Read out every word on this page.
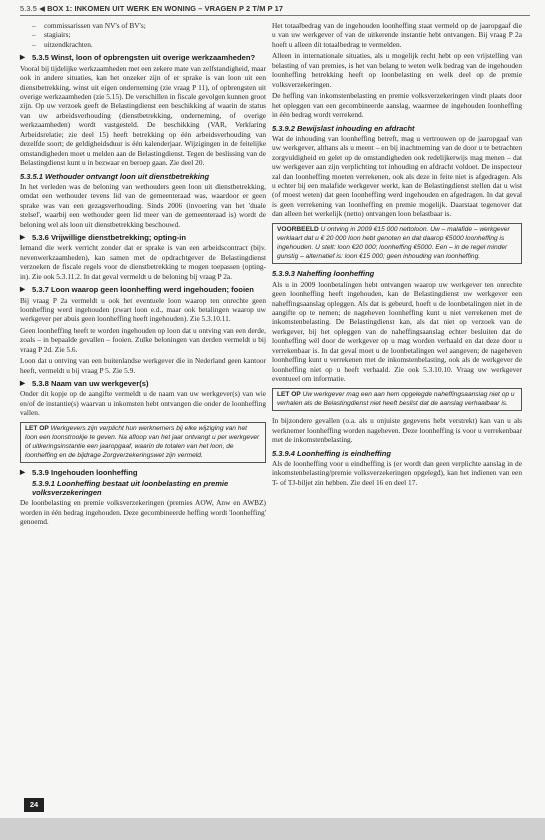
5.3.5 ◀ BOX 1: INKOMEN UIT WERK EN WONING – VRAGEN P 2 T/M P 17
– commissarissen van NV's of BV's;
– stagiairs;
– uitzendkrachten.
▶ 5.3.5 Winst, loon of opbrengsten uit overige werkzaamheden?

Vooral bij tijdelijke werkzaamheden met een zekere mate van zelfstandigheid, maar ook in andere situaties, kan het onzeker zijn of er sprake is van loon uit een dienstbetrekking, winst uit eigen onderneming (zie vraag P 11), of opbrengsten uit overige werkzaamheden (zie 5.15). De verschillen in fiscale gevolgen kunnen groot zijn. Op uw verzoek geeft de Belastingdienst een beschikking af waarin de status van uw arbeidsverhouding (dienstbetrekking, onderneming, of overige werkzaamheden) wordt vastgesteld. De beschikking (VAR, Verklaring Arbeidsrelatie; zie deel 15) heeft betrekking op één arbeidsverhouding van dezelfde soort; de geldigheidsduur is één kalenderjaar. Wijzigingen in de feitelijke omstandigheden moet u melden aan de Belastingdienst. Tegen de beslissing van de Belastingdienst kunt u in bezwaar en beroep gaan. Zie deel 20.

5.3.5.1 Wethouder ontvangt loon uit dienstbetrekking

In het verleden was de beloning van wethouders geen loon uit dienstbetrekking, omdat een wethouder tevens lid van de gemeenteraad was, waardoor er geen sprake was van een gezagsverhouding. Sinds 2006 (invoering van het 'duale stelsel', waarbij een wethouder geen lid meer van de gemeenteraad is) wordt de beloning wel als loon uit dienstbetrekking beschouwd.

▶ 5.3.6 Vrijwillige dienstbetrekking; opting-in

Iemand die werk verricht zonder dat er sprake is van een arbeidscontract (bijv. nevenwerkzaamheden), kan samen met de opdrachtgever de Belastingdienst verzoeken de fiscale regels voor de dienstbetrekking te mogen toepassen (opting-in). Zie ook 5.3.11.2. In dat geval vermeldt u de beloning bij vraag P 2a.

▶ 5.3.7 Loon waarop geen loonheffing werd ingehouden; fooien

Bij vraag P 2a vermeldt u ook het eventuele loon waarop ten onrechte geen loonheffing werd ingehouden (zwart loon e.d., maar ook betalingen waarop uw werkgever per abuis geen loonheffing heeft ingehouden). Zie 5.3.10.11.

Geen loonheffing heeft te worden ingehouden op loon dat u ontving van een derde, zoals – in bepaalde gevallen – fooien. Zulke beloningen van derden vermeldt u bij vraag P 2d. Zie 5.6.

Loon dat u ontving van een buitenlandse werkgever die in Nederland geen kantoor heeft, vermeldt u bij vraag P 5. Zie 5.9.

▶ 5.3.8 Naam van uw werkgever(s)

Onder dit kopje op de aangifte vermeldt u de naam van uw werkgever(s) van wie en/of de instantie(s) waarvan u inkomsten hebt ontvangen die onder de loonheffing vallen.

LET OP Werkgevers zijn verplicht hun werknemers bij elke wijziging van het loon een loonstrookje te geven. Na afloop van het jaar ontvangt u per werkgever of uitkeringsinstantie een jaaropgaaf, waarin de totalen van het loon, de loonheffing en de bijdrage Zorgverzekeringswet zijn vermeld.
▶ 5.3.9 Ingehouden loonheffing
5.3.9.1 Loonheffing bestaat uit loonbelasting en premie volksverzekeringen

De loonbelasting en premie volksverzekeringen (premies AOW, Anw en AWBZ) worden in één bedrag ingehouden. Deze gecombineerde heffing wordt 'loonheffing' genoemd.

Het totaalbedrag van de ingehouden loonheffing staat vermeld op de jaaropgaaf die u van uw werkgever of van de uitkerende instantie hebt ontvangen. Bij vraag P 2a hoeft u alleen dit totaalbedrag te vermelden.

Alleen in internationale situaties, als u mogelijk recht hebt op een vrijstelling van belasting of van premies, is het van belang te weten welk bedrag van de ingehouden loonheffing betrekking heeft op loonbelasting en welk deel op de premie volksverzekeringen.

De heffing van inkomstenbelasting en premie volksverzekeringen vindt plaats door het opleggen van een gecombineerde aanslag, waarmee de ingehouden loonheffing in één bedrag wordt verrekend.

5.3.9.2 Bewijslast inhouding en afdracht

Wat de inhouding van loonheffing betreft, mag u vertrouwen op de jaaropgaaf van uw werkgever, althans als u meent – en bij inachtneming van de door u te betrachten zorgvuldigheid en gelet op de omstandigheden ook redelijkerwijs mag menen – dat uw werkgever aan zijn verplichting tot inhouding en afdracht voldoet. De inspecteur zal dan loonheffing moeten verrekenen, ook als deze in feite niet is afgedragen. Als u echter bij een malafide werkgever werkt, kan de Belastingdienst stellen dat u wist (of moest weten) dat geen loonheffing werd ingehouden en afgedragen. In dat geval is geen verrekening van loonheffing en premie mogelijk. Daarstaat tegenover dat dan alleen het werkelijk (netto) ontvangen loon belastbaar is.

VOORBEELD U ontving in 2009 €15 000 nettoloon. Uw – malafide – werkgever verklaart dat u € 20 000 loon hebt genoten en dat daarop €5000 loonheffing is ingehouden. U stelt: loon €20 000; loonheffing €5000. Een – in de regel minder gunstig – alternatief is: loon €15 000; geen inhouding van loonheffing.
5.3.9.3 Naheffing loonheffing

Als u in 2009 loonbetalingen hebt ontvangen waarop uw werkgever ten onrechte geen loonheffing heeft ingehouden, kan de Belastingdienst uw werkgever een naheffingsaanslag opleggen. Als dat is gebeurd, hoeft u de loonbetalingen niet in de aangifte op te nemen; de nageheven loonheffing kunt u niet verrekenen met de inkomstenbelasting. De Belastingdienst kan, als dat niet op verzoek van de werkgever, bij het opleggen van de naheffingsaanslag echter besluiten dat de loonheffing wél door de werkgever op u mag worden verhaald en dat deze door u verrekenbaar is. In dat geval moet u de loonbetalingen wel aangeven; de nageheven loonheffing kunt u verrekenen met de inkomstenbelasting, ook als de werkgever de loonheffing niet op u heeft verhaald. Zie ook 5.3.10.10. Vraag uw werkgever eventueel om informatie.

LET OP Uw werkgever mag een aan hem opgelegde naheffingsaanslag niet op u verhalen als de Belastingdienst niet heeft beslist dat de aanslag verhaalbaar is.

In bijzondere gevallen (o.a. als u onjuiste gegevens hebt verstrekt) kan van u als werknemer loonheffing worden nageheven. Deze loonheffing is voor u verrekenbaar met de inkomstenbelasting.

5.3.9.4 Loonheffing is eindheffing

Als de loonheffing voor u eindheffing is (er wordt dan geen verplichte aanslag in de inkomstenbelasting/premie volksverzekeringen opgelegd), kan het indienen van een T- of TJ-biljet zin hebben. Zie deel 16 en deel 17.

24
